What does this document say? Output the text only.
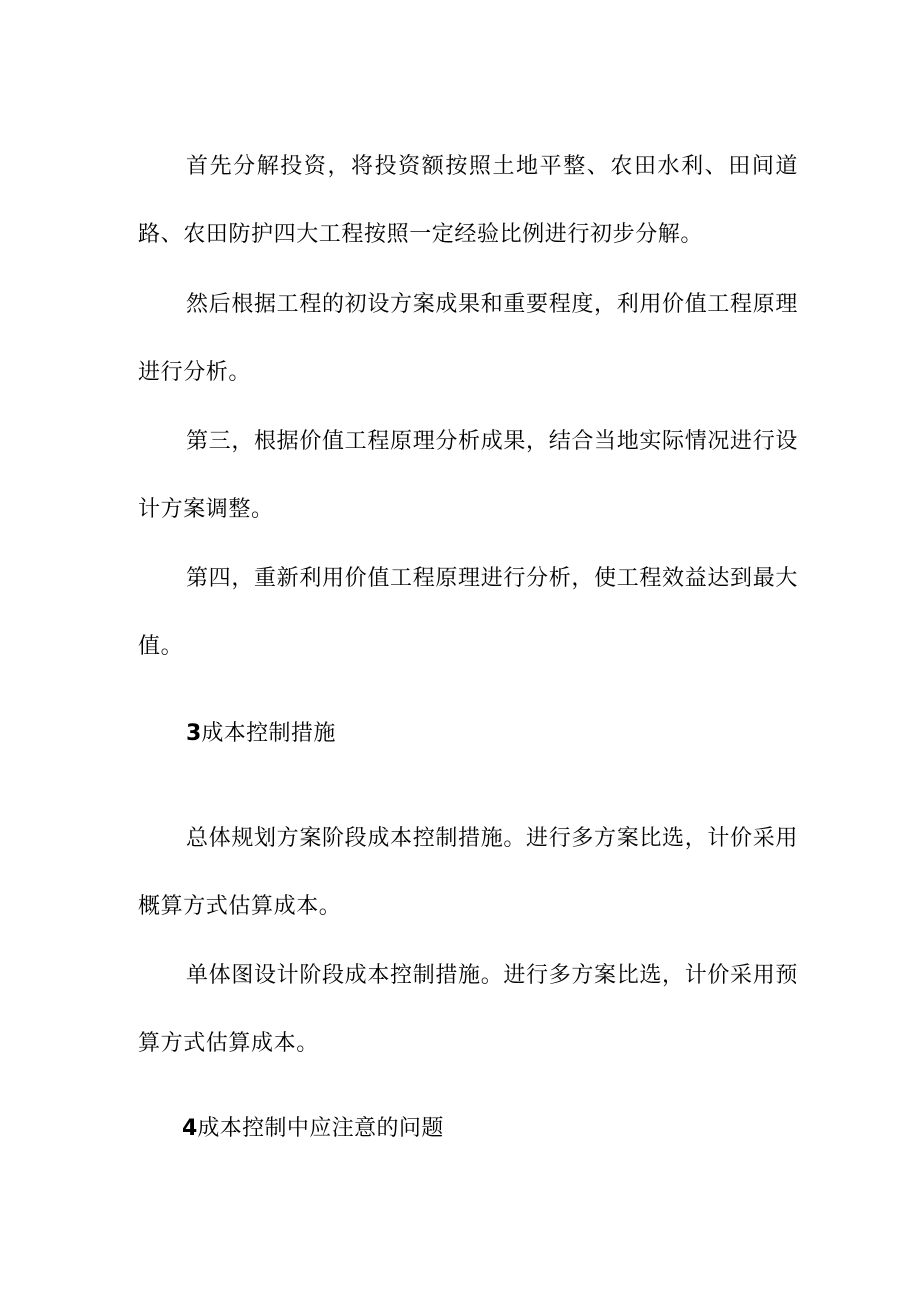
首先分解投资，将投资额按照土地平整、农田水利、田间道路、农田防护四大工程按照一定经验比例进行初步分解。

然后根据工程的初设方案成果和重要程度，利用价值工程原理进行分析。

第三，根据价值工程原理分析成果，结合当地实际情况进行设计方案调整。

第四，重新利用价值工程原理进行分析，使工程效益达到最大值。

3成本控制措施

总体规划方案阶段成本控制措施。进行多方案比选，计价采用概算方式估算成本。

单体图设计阶段成本控制措施。进行多方案比选，计价采用预算方式估算成本。

4成本控制中应注意的问题
